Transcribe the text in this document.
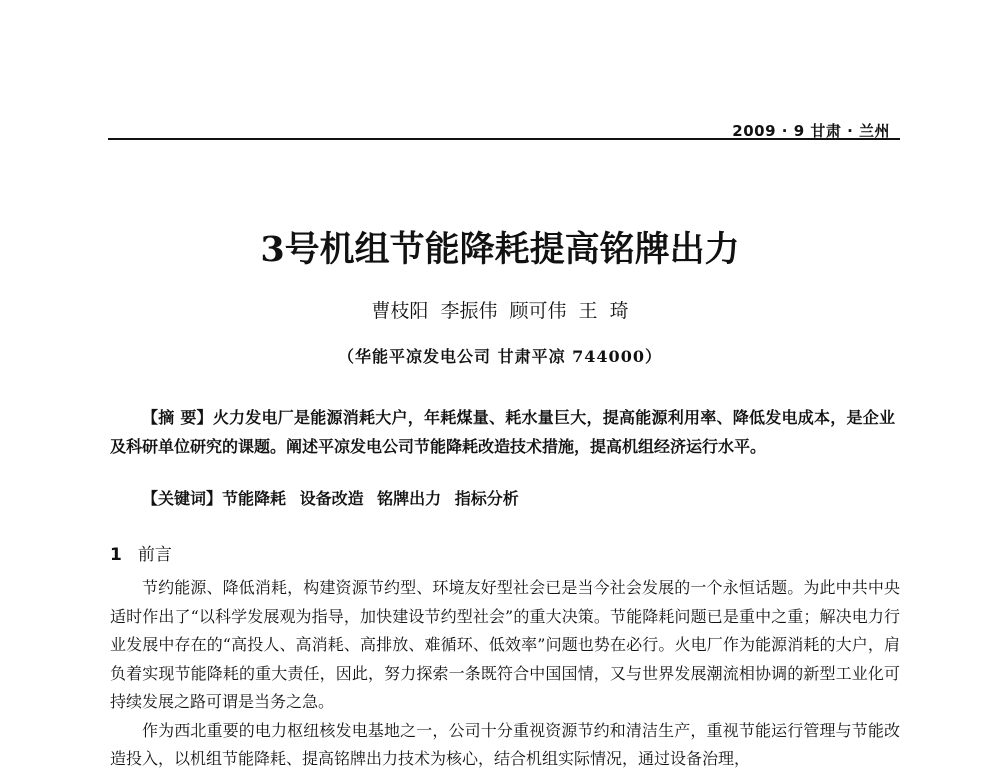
2009 · 9 甘肃 · 兰州
3号机组节能降耗提高铭牌出力
曹枝阳 李振伟 顾可伟 王 琦
（华能平凉发电公司 甘肃平凉 744000）
【摘 要】火力发电厂是能源消耗大户，年耗煤量、耗水量巨大，提高能源利用率、降低发电成本，是企业及科研单位研究的课题。阐述平凉发电公司节能降耗改造技术措施，提高机组经济运行水平。
【关键词】节能降耗 设备改造 铭牌出力 指标分析
1 前言

节约能源、降低消耗，构建资源节约型、环境友好型社会已是当今社会发展的一个永恒话题。为此中共中央适时作出了“以科学发展观为指导，加快建设节约型社会”的重大决策。节能降耗问题已是重中之重；解决电力行业发展中存在的“高投人、高消耗、高排放、难循环、低效率”问题也势在必行。火电厂作为能源消耗的大户，肩负着实现节能降耗的重大责任，因此，努力探索一条既符合中国国情，又与世界发展潮流相协调的新型工业化可持续发展之路可谓是当务之急。

作为西北重要的电力枢纽核发电基地之一，公司十分重视资源节约和清洁生产，重视节能运行管理与节能改造投入，以机组节能降耗、提高铭牌出力技术为核心，结合机组实际情况，通过设备治理，
